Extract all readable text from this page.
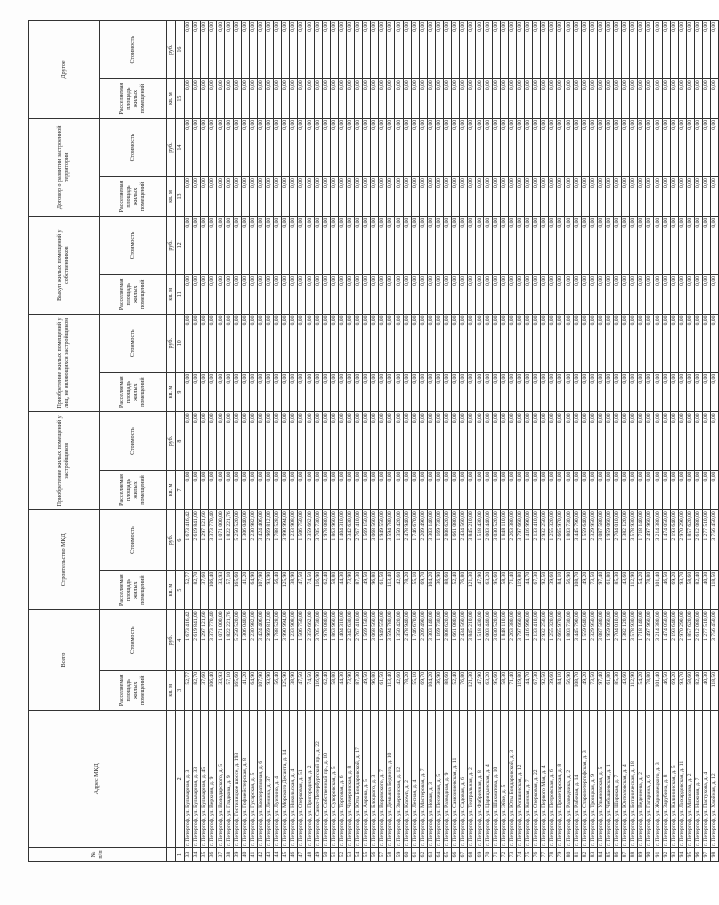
№ п/п	Адрес МКД	Всего		Строительство МКД		Приобретение жилых помещений у застройщиков		Приобретение жилых помещений у лиц, не являющихся застройщиком		Выкуп жилых помещений у собственников		Договор о развитии застроенной территории		Другое	
		Расселяемая площадь жилых помещений	Стоимость	Расселяемая площадь жилых помещений	Стоимость	Расселяемая площадь жилых помещений	Стоимость	Расселяемая площадь жилых помещений	Стоимость	Расселяемая площадь жилых помещений	Стоимость	Расселяемая площадь жилых помещений	Стоимость	Расселяемая площадь жилых помещений	Стоимость
		кв. м	руб.	кв. м	руб.	кв. м	руб.	кв. м	руб.	кв. м	руб.	кв. м	руб.	кв. м	руб.
1	2	3	4	5	6	7	8	9	10	11	12	13	14	15	16
33	г. Петергоф, ул. Бульварная, д. 3	52,77	1 673 416,42	52,77	1 673 416,42	0,00	0,00	0,00	0,00	0,00	0,00	0,00	0,00	0,00	0,00
34	г. Петергоф, ул. Бульварная, д. 33	82,70	2 619 841,00	82,70	2 619 841,00	0,00	0,00	0,00	0,00	0,00	0,00	0,00	0,00	0,00	0,00
35	г. Петергоф, ул. Бульварная, д. 45	37,60	1 297 121,60	37,60	1 297 121,60	0,00	0,00	0,00	0,00	0,00	0,00	0,00	0,00	0,00	0,00
36	г. Петергоф, ул. Верхняя, д. 9	106,40	3 373 770,40	106,40	3 373 770,40	0,00	0,00	0,00	0,00	0,00	0,00	0,00	0,00	0,00	0,00
37	г. Петергоф, ул. Володарского, д. 5	33,93	1 071 000,00	33,93	1 071 000,00	0,00	0,00	0,00	0,00	0,00	0,00	0,00	0,00	0,00	0,00
38	г. Петергоф, ул. Гладкова, д. 9	57,10	1 822 221,76	57,10	1 822 221,76	0,00	0,00	0,00	0,00	0,00	0,00	0,00	0,00	0,00	0,00
39	г. Петергоф, Гостилицкое шоссе, д. 193	165,60	5 250 520,00	165,60	5 250 520,00	0,00	0,00	0,00	0,00	0,00	0,00	0,00	0,00	0,00	0,00
40	г. Петергоф, ул. Гофмейстерская, д. 8	41,20	1 306 040,00	41,20	1 306 040,00	0,00	0,00	0,00	0,00	0,00	0,00	0,00	0,00	0,00	0,00
41	г. Петергоф, ул. Гусарская, д. 5	64,90	2 230 982,00	64,90	2 230 982,00	0,00	0,00	0,00	0,00	0,00	0,00	0,00	0,00	0,00	0,00
42	г. Петергоф, ул. Кооперативная, д. 6	107,90	3 424 406,00	107,90	3 424 406,00	0,00	0,00	0,00	0,00	0,00	0,00	0,00	0,00	0,00	0,00
43	г. Петергоф, ул. Ленина, д. 37	93,90	2 969 812,00	93,90	2 969 812,00	0,00	0,00	0,00	0,00	0,00	0,00	0,00	0,00	0,00	0,00
44	г. Петергоф, ул. Луизино, д. 4	56,40	1 788 528,00	56,40	1 788 528,00	0,00	0,00	0,00	0,00	0,00	0,00	0,00	0,00	0,00	0,00
45	г. Петергоф, ул. Морского Десанта, д. 14	125,90	3 990 994,00	125,90	3 990 994,00	0,00	0,00	0,00	0,00	0,00	0,00	0,00	0,00	0,00	0,00
46	г. Петергоф, ул. Никольская, д. 4	38,90	1 233 908,00	38,90	1 233 908,00	0,00	0,00	0,00	0,00	0,00	0,00	0,00	0,00	0,00	0,00
47	г. Петергоф, ул. Озерковая, д. 51	47,50	1 506 750,00	47,50	1 506 750,00	0,00	0,00	0,00	0,00	0,00	0,00	0,00	0,00	0,00	0,00
48	г. Петергоф, ул. Пригородная, д. 2	74,50	2 359 662,00	74,50	2 359 662,00	0,00	0,00	0,00	0,00	0,00	0,00	0,00	0,00	0,00	0,00
49	г. Петергоф, Санкт-Петербургский пр., д. 22	116,90	3 705 730,00	116,90	3 705 730,00	0,00	0,00	0,00	0,00	0,00	0,00	0,00	0,00	0,00	0,00
50	г. Петергоф, ул. Собственный пр., д. 10	62,40	1 978 080,00	62,40	1 978 080,00	0,00	0,00	0,00	0,00	0,00	0,00	0,00	0,00	0,00	0,00
51	г. Петергоф, ул. Суворовская, д. 5	58,80	1 863 960,00	58,80	1 863 960,00	0,00	0,00	0,00	0,00	0,00	0,00	0,00	0,00	0,00	0,00
52	г. Петергоф, ул. Торговая, д. 6	44,30	1 404 310,00	44,30	1 404 310,00	0,00	0,00	0,00	0,00	0,00	0,00	0,00	0,00	0,00	0,00
53	г. Петергоф, ул. Чичеринская, д. 8	73,90	2 342 630,00	73,90	2 342 630,00	0,00	0,00	0,00	0,00	0,00	0,00	0,00	0,00	0,00	0,00
54	г. Петергоф, ул. Юты Бондаровской, д. 17	87,30	2 767 410,00	87,30	2 767 410,00	0,00	0,00	0,00	0,00	0,00	0,00	0,00	0,00	0,00	0,00
55	г. Петергоф, ул. Аврова, д. 5	49,50	1 569 150,00	49,50	1 569 150,00	0,00	0,00	0,00	0,00	0,00	0,00	0,00	0,00	0,00	0,00
56	г. Петергоф, ул. Блоцкого, д. 3	96,80	3 068 560,00	96,80	3 068 560,00	0,00	0,00	0,00	0,00	0,00	0,00	0,00	0,00	0,00	0,00
57	г. Петергоф, ул. Воровского, д. 7	61,50	1 949 550,00	61,50	1 949 550,00	0,00	0,00	0,00	0,00	0,00	0,00	0,00	0,00	0,00	0,00
58	г. Петергоф, ул. Демьяна Бедного, д. 10	113,40	3 594 780,00	113,40	3 594 780,00	0,00	0,00	0,00	0,00	0,00	0,00	0,00	0,00	0,00	0,00
59	г. Петергоф, ул. Зверинская, д. 12	42,60	1 350 420,00	42,60	1 350 420,00	0,00	0,00	0,00	0,00	0,00	0,00	0,00	0,00	0,00	0,00
60	г. Петергоф, ул. Known, д. 2	78,20	2 478 940,00	78,20	2 478 940,00	0,00	0,00	0,00	0,00	0,00	0,00	0,00	0,00	0,00	0,00
61	г. Петергоф, ул. Лесная, д. 4	55,10	1 746 670,00	55,10	1 746 670,00	0,00	0,00	0,00	0,00	0,00	0,00	0,00	0,00	0,00	0,00
62	г. Петергоф, ул. Мастеровая, д. 7	69,70	2 209 490,00	69,70	2 209 490,00	0,00	0,00	0,00	0,00	0,00	0,00	0,00	0,00	0,00	0,00
63	г. Петергоф, ул. Новая, д. 3	104,20	3 303 140,00	104,20	3 303 140,00	0,00	0,00	0,00	0,00	0,00	0,00	0,00	0,00	0,00	0,00
64	г. Петергоф, ул. Песочная, д. 5	36,90	1 169 730,00	36,90	1 169 730,00	0,00	0,00	0,00	0,00	0,00	0,00	0,00	0,00	0,00	0,00
65	г. Петергоф, ул. Разводная, д. 9	88,60	2 808 620,00	88,60	2 808 620,00	0,00	0,00	0,00	0,00	0,00	0,00	0,00	0,00	0,00	0,00
66	г. Петергоф, ул. Самсониевская, д. 11	52,40	1 661 080,00	52,40	1 661 080,00	0,00	0,00	0,00	0,00	0,00	0,00	0,00	0,00	0,00	0,00
67	г. Петергоф, ул. Садовая, д. 6	76,80	2 434 560,00	76,80	2 434 560,00	0,00	0,00	0,00	0,00	0,00	0,00	0,00	0,00	0,00	0,00
68	г. Петергоф, ул. Театральная, д. 2	121,30	3 845 210,00	121,30	3 845 210,00	0,00	0,00	0,00	0,00	0,00	0,00	0,00	0,00	0,00	0,00
69	г. Петергоф, ул. Фабричная, д. 8	47,90	1 518 430,00	47,90	1 518 430,00	0,00	0,00	0,00	0,00	0,00	0,00	0,00	0,00	0,00	0,00
70	г. Петергоф, ул. Царицынская, д. 4	63,20	2 003 440,00	63,20	2 003 440,00	0,00	0,00	0,00	0,00	0,00	0,00	0,00	0,00	0,00	0,00
71	г. Петергоф, ул. Шахматова, д. 10	95,60	3 030 520,00	95,60	3 030 520,00	0,00	0,00	0,00	0,00	0,00	0,00	0,00	0,00	0,00	0,00
72	г. Петергоф, ул. Эйхе, д. 5	58,30	1 848 110,00	58,30	1 848 110,00	0,00	0,00	0,00	0,00	0,00	0,00	0,00	0,00	0,00	0,00
73	г. Петергоф, ул. Юты Бондаровской, д. 3	71,40	2 263 380,00	71,40	2 263 380,00	0,00	0,00	0,00	0,00	0,00	0,00	0,00	0,00	0,00	0,00
74	г. Петергоф, ул. Ропшинская, д. 12	119,80	3 797 660,00	119,80	3 797 660,00	0,00	0,00	0,00	0,00	0,00	0,00	0,00	0,00	0,00	0,00
75	г. Петергоф, ул. Конная, д. 7	44,70	1 416 990,00	44,70	1 416 990,00	0,00	0,00	0,00	0,00	0,00	0,00	0,00	0,00	0,00	0,00
76	г. Петергоф, ул. Озерковая, д. 22	67,30	2 133 410,00	67,30	2 133 410,00	0,00	0,00	0,00	0,00	0,00	0,00	0,00	0,00	0,00	0,00
77	г. Петергоф, ул. Первого Мая, д. 4	92,50	2 932 250,00	92,50	2 932 250,00	0,00	0,00	0,00	0,00	0,00	0,00	0,00	0,00	0,00	0,00
78	г. Петергоф, ул. Петровская, д. 6	39,60	1 255 320,00	39,60	1 255 320,00	0,00	0,00	0,00	0,00	0,00	0,00	0,00	0,00	0,00	0,00
79	г. Петергоф, ул. Пролетарская, д. 8	84,10	2 665 970,00	84,10	2 665 970,00	0,00	0,00	0,00	0,00	0,00	0,00	0,00	0,00	0,00	0,00
80	г. Петергоф, ул. Разведчика, д. 2	56,90	1 803 730,00	56,90	1 803 730,00	0,00	0,00	0,00	0,00	0,00	0,00	0,00	0,00	0,00	0,00
81	г. Петергоф, ул. Рабочая, д. 14	108,70	3 445 790,00	108,70	3 445 790,00	0,00	0,00	0,00	0,00	0,00	0,00	0,00	0,00	0,00	0,00
82	г. Петергоф, ул. Старопетергофская, д. 3	49,20	1 559 640,00	49,20	1 559 640,00	0,00	0,00	0,00	0,00	0,00	0,00	0,00	0,00	0,00	0,00
83	г. Петергоф, ул. Троицкая, д. 9	73,50	2 329 950,00	73,50	2 329 950,00	0,00	0,00	0,00	0,00	0,00	0,00	0,00	0,00	0,00	0,00
84	г. Петергоф, ул. Ульяновская, д. 5	97,40	3 087 580,00	97,40	3 087 580,00	0,00	0,00	0,00	0,00	0,00	0,00	0,00	0,00	0,00	0,00
85	г. Петергоф, ул. Чебышевская, д. 1	61,80	1 959 060,00	61,80	1 959 060,00	0,00	0,00	0,00	0,00	0,00	0,00	0,00	0,00	0,00	0,00
86	г. Петергоф, ул. Широкая, д. 7	85,30	2 704 010,00	85,30	2 704 010,00	0,00	0,00	0,00	0,00	0,00	0,00	0,00	0,00	0,00	0,00
87	г. Петергоф, ул. Юнтоловская, д. 4	43,60	1 382 120,00	43,60	1 382 120,00	0,00	0,00	0,00	0,00	0,00	0,00	0,00	0,00	0,00	0,00
88	г. Петергоф, ул. Ботаническая, д. 18	112,90	3 578 930,00	112,90	3 578 930,00	0,00	0,00	0,00	0,00	0,00	0,00	0,00	0,00	0,00	0,00
89	г. Петергоф, ул. Веденеева, д. 2	54,20	1 718 140,00	54,20	1 718 140,00	0,00	0,00	0,00	0,00	0,00	0,00	0,00	0,00	0,00	0,00
90	г. Петергоф, ул. Гагарина, д. 6	78,80	2 497 960,00	78,80	2 497 960,00	0,00	0,00	0,00	0,00	0,00	0,00	0,00	0,00	0,00	0,00
91	г. Петергоф, ул. Жарновецкого, д. 3	101,40	3 214 380,00	101,40	3 214 380,00	0,00	0,00	0,00	0,00	0,00	0,00	0,00	0,00	0,00	0,00
92	г. Петергоф, ул. Зарубина, д. 8	46,50	1 474 050,00	46,50	1 474 050,00	0,00	0,00	0,00	0,00	0,00	0,00	0,00	0,00	0,00	0,00
93	г. Петергоф, ул. Калининская, д. 5	69,20	2 193 640,00	69,20	2 193 640,00	0,00	0,00	0,00	0,00	0,00	0,00	0,00	0,00	0,00	0,00
94	г. Петергоф, ул. Лихардовская, д. 11	93,70	2 970 290,00	93,70	2 970 290,00	0,00	0,00	0,00	0,00	0,00	0,00	0,00	0,00	0,00	0,00
95	г. Петергоф, ул. Матисова, д. 2	58,60	1 857 620,00	58,60	1 857 620,00	0,00	0,00	0,00	0,00	0,00	0,00	0,00	0,00	0,00	0,00
96	г. Петергоф, ул. Нижняя, д. 7	82,40	2 612 080,00	82,40	2 612 080,00	0,00	0,00	0,00	0,00	0,00	0,00	0,00	0,00	0,00	0,00
97	г. Петергоф, ул. Пастухова, д. 4	40,30	1 277 510,00	40,30	1 277 510,00	0,00	0,00	0,00	0,00	0,00	0,00	0,00	0,00	0,00	0,00
98	г. Петергоф, ул. Хвойная, д. 12	118,50	3 756 450,00	118,50	3 756 450,00	0,00	0,00	0,00	0,00	0,00	0,00	0,00	0,00	0,00	0,00
